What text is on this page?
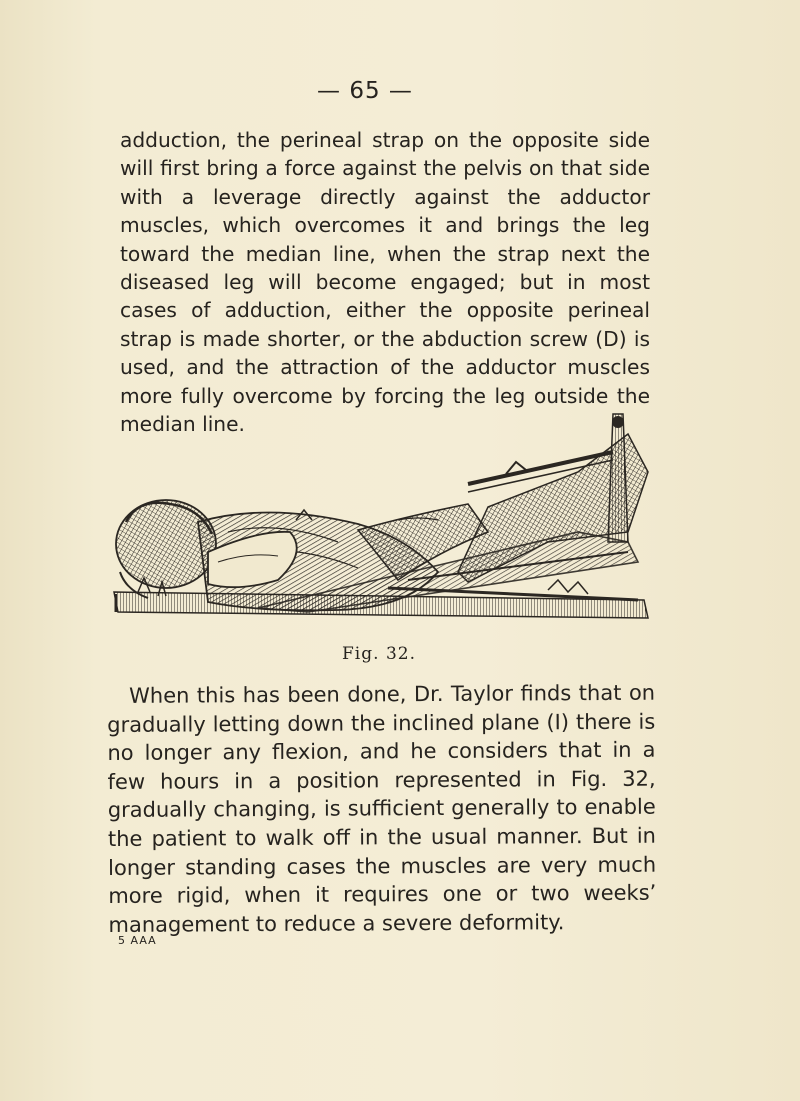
— 65 —

adduction, the perineal strap on the opposite side will first bring a force against the pelvis on that side with a leverage directly against the adductor muscles, which overcomes it and brings the leg toward the median line, when the strap next the diseased leg will become engaged; but in most cases of adduction, either the opposite perineal strap is made shorter, or the abduction screw (D) is used, and the attraction of the adductor muscles more fully overcome by forcing the leg outside the median line.

Fig. 32.

When this has been done, Dr. Taylor finds that on gradually letting down the inclined plane (I) there is no longer any flexion, and he considers that in a few hours in a position represented in Fig. 32, gradually changing, is sufficient generally to enable the patient to walk off in the usual manner. But in longer standing cases the muscles are very much more rigid, when it requires one or two weeks’ management to reduce a severe deformity.

5 AAA
